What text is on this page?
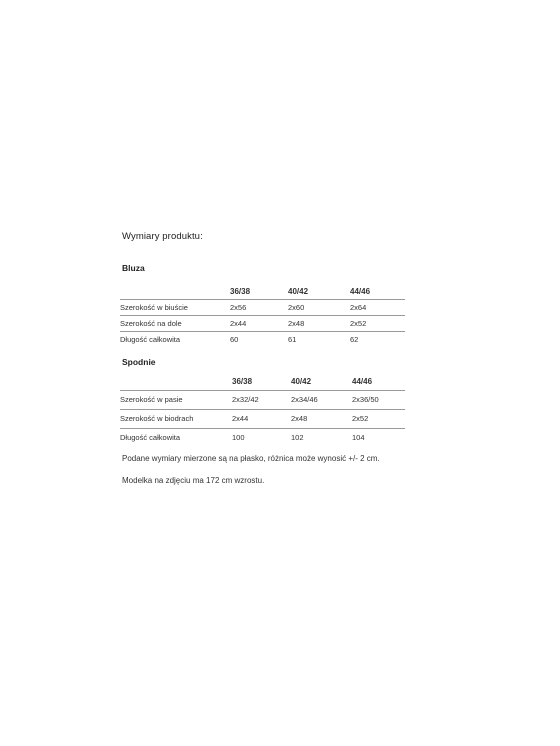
Wymiary produktu:
Bluza
	36/38	40/42	44/46
Szerokość w biuście	2x56	2x60	2x64
Szerokość na dole	2x44	2x48	2x52
Długość całkowita	60	61	62
Spodnie
	36/38	40/42	44/46
Szerokość w pasie	2x32/42	2x34/46	2x36/50
Szerokość w biodrach	2x44	2x48	2x52
Długość całkowita	100	102	104
Podane wymiary mierzone są na płasko, różnica może wynosić +/- 2 cm.
Modelka na zdjęciu ma 172 cm wzrostu.
